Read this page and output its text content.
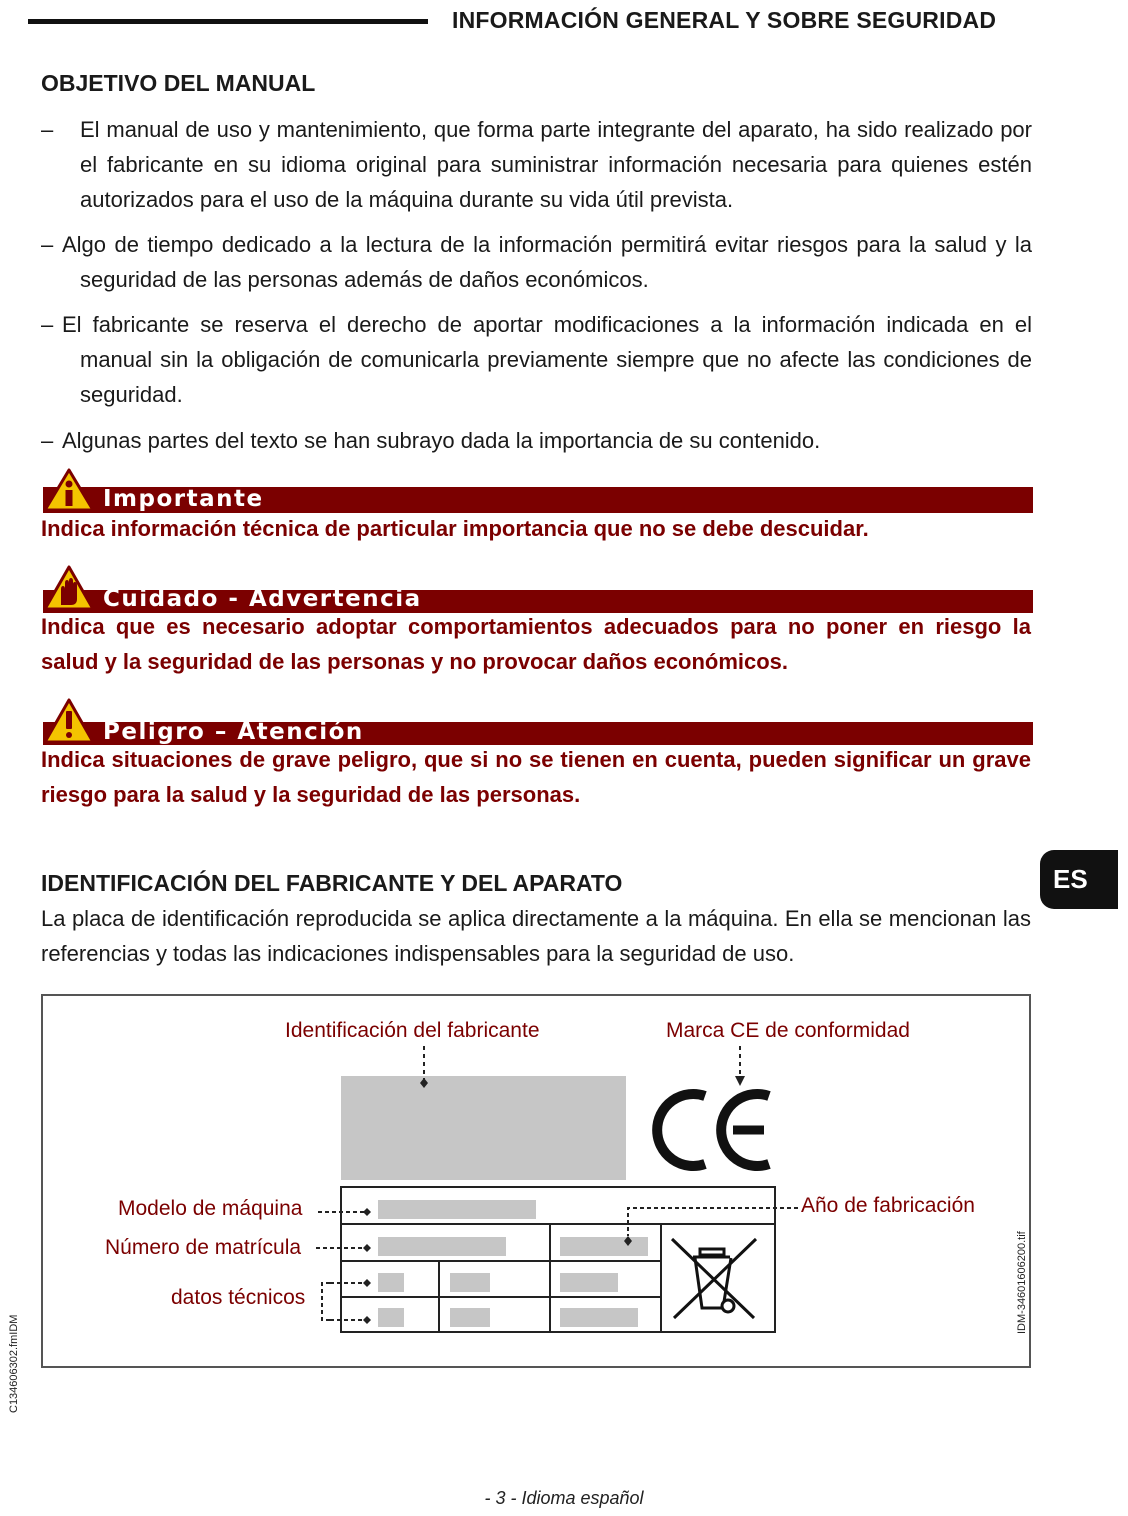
INFORMACIÓN GENERAL Y SOBRE SEGURIDAD
OBJETIVO DEL MANUAL
–	El manual de uso y mantenimiento, que forma parte integrante del aparato, ha sido realizado por el fabricante en su idioma original para suministrar información necesaria para quienes estén autorizados para el uso de la máquina durante su vida útil prevista.
– Algo de tiempo dedicado a la lectura de la información permitirá evitar riesgos para la salud y la seguridad de las personas además de daños económicos.
– El fabricante se reserva el derecho de aportar modificaciones a la información indicada en el manual sin la obligación de comunicarla previamente siempre que no afecte las condiciones de seguridad.
– Algunas partes del texto se han subrayo dada la importancia de su contenido.
Importante
Indica información técnica de particular importancia que no se debe descuidar.
Cuidado - Advertencia
Indica que es necesario adoptar comportamientos adecuados para no poner en riesgo la salud y la seguridad de las personas y no provocar daños económicos.
Peligro – Atención
Indica situaciones de grave peligro, que si no se tienen en cuenta, pueden significar un grave riesgo para la salud y la seguridad de las personas.
IDENTIFICACIÓN DEL FABRICANTE Y DEL APARATO
La placa de identificación reproducida se aplica directamente a la máquina. En ella se mencionan las referencias y todas las indicaciones indispensables para la seguridad de uso.
ES
Identificación del fabricante	Marca CE de conformidad
Modelo de máquina
Número de matrícula
datos técnicos
Año de fabricación
IDM-34601606200.tif
C134606302.fmIDM
- 3 - Idioma español
